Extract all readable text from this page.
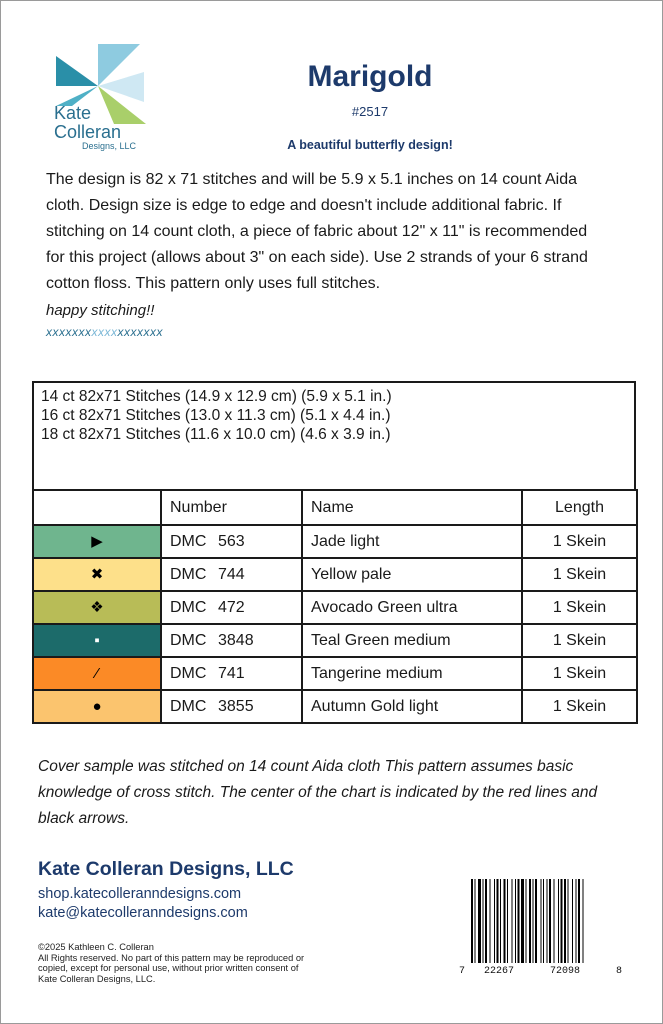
Kate
Colleran
Designs, LLC
Marigold
#2517
A beautiful butterfly design!
The design is 82 x 71 stitches and will be 5.9 x 5.1 inches on 14 count Aida cloth. Design size is edge to edge and doesn't include additional fabric. If stitching on 14 count cloth, a piece of fabric about 12" x 11" is recommended for this project (allows about 3" on each side). Use 2 strands of your 6 strand cotton floss. This pattern only uses full stitches.
happy stitching!!
xxxxxxxxxxxxxxxxxx
14 ct 82x71 Stitches (14.9 x 12.9 cm) (5.9 x 5.1 in.)
16 ct 82x71 Stitches (13.0 x 11.3 cm) (5.1 x 4.4 in.)
18 ct 82x71 Stitches (11.6 x 10.0 cm) (4.6 x 3.9 in.)
	Number	Name	Length
▶	DMC 563	Jade light	1 Skein
✖	DMC 744	Yellow pale	1 Skein
❖	DMC 472	Avocado Green ultra	1 Skein
▪	DMC 3848	Teal Green medium	1 Skein
⁄	DMC 741	Tangerine medium	1 Skein
●	DMC 3855	Autumn Gold light	1 Skein
Cover sample was stitched on 14 count Aida cloth This pattern assumes basic knowledge of cross stitch. The center of the chart is indicated by the red lines and black arrows.
Kate Colleran Designs, LLC
shop.katecolleranndesigns.com
kate@katecolleranndesigns.com
©2025 Kathleen C. Colleran
All Rights reserved. No part of this pattern may be reproduced or copied, except for personal use, without prior written consent of Kate Colleran Designs, LLC.
7 22267	72098	8
